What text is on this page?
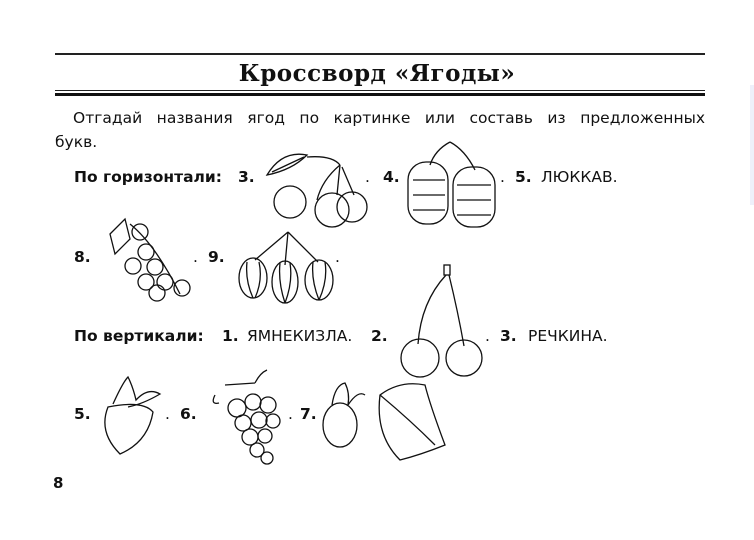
Кроссворд «Ягоды»
Отгадай названия ягод по картинке или составь из предложенных букв.
По горизонтали: 3.	. 4.	. 5. ЛЮККАВ.
8.	. 9.	.
По вертикали: 1. ЯМНЕКИЗЛА. 2.	. 3. РЕЧКИНА.
5.	. 6.	. 7.
8
